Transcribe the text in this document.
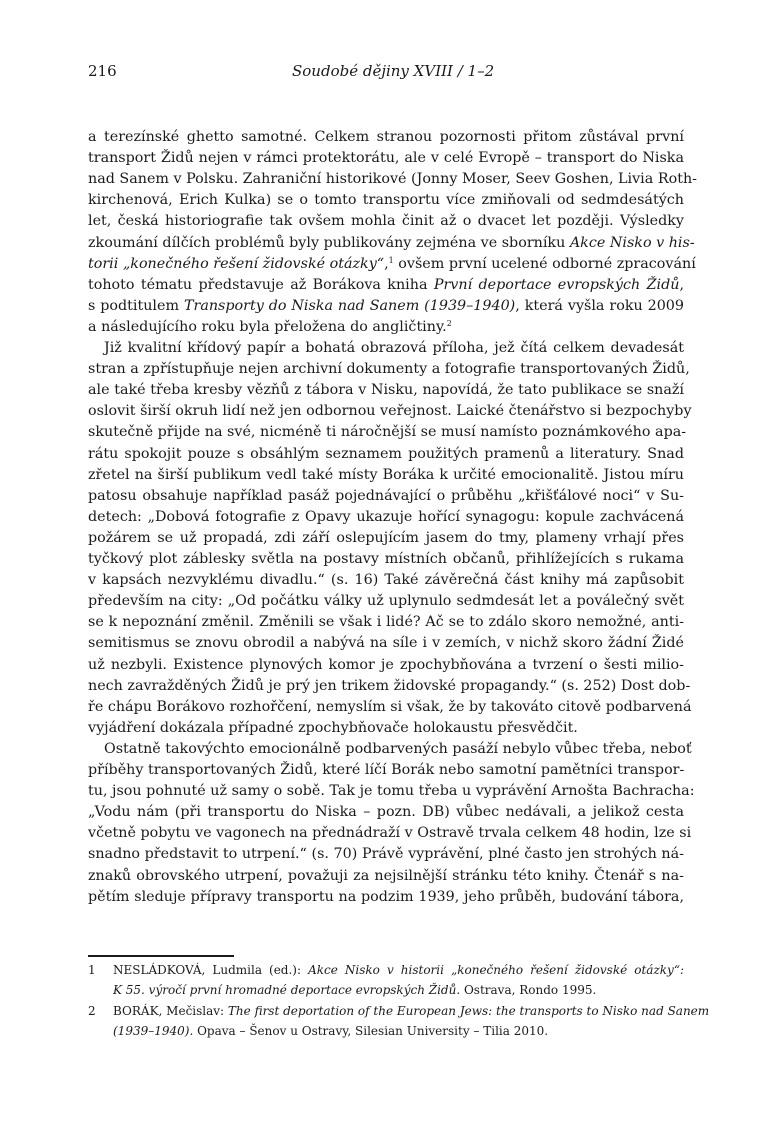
216	Soudobé dějiny XVIII / 1–2
a terezínské ghetto samotné. Celkem stranou pozornosti přitom zůstával první
transport Židů nejen v rámci protektorátu, ale v celé Evropě – transport do Niska
nad Sanem v Polsku. Zahraniční historikové (Jonny Moser, Seev Goshen, Livia Roth-
kirchenová, Erich Kulka) se o tomto transportu více zmiňovali od sedmdesátých
let, česká historiografie tak ovšem mohla činit až o dvacet let později. Výsledky
zkoumání dílčích problémů byly publikovány zejména ve sborníku Akce Nisko v his-
torii „konečného řešení židovské otázky“,$^1$ ovšem první ucelené odborné zpracování
tohoto tématu představuje až Borákova kniha První deportace evropských Židů,
s podtitulem Transporty do Niska nad Sanem (1939–1940), která vyšla roku 2009
a následujícího roku byla přeložena do angličtiny.$^2$
Již kvalitní křídový papír a bohatá obrazová příloha, jež čítá celkem devadesát
stran a zpřístupňuje nejen archivní dokumenty a fotografie transportovaných Židů,
ale také třeba kresby vězňů z tábora v Nisku, napovídá, že tato publikace se snaží
oslovit širší okruh lidí než jen odbornou veřejnost. Laické čtenářstvo si bezpochyby
skutečně přijde na své, nicméně ti náročnější se musí namísto poznámkového apa-
rátu spokojit pouze s obsáhlým seznamem použitých pramenů a literatury. Snad
zřetel na širší publikum vedl také místy Boráka k určité emocionalitě. Jistou míru
patosu obsahuje například pasáž pojednávající o průběhu „křišťálové noci“ v Su-
detech: „Dobová fotografie z Opavy ukazuje hořící synagogu: kopule zachvácená
požárem se už propadá, zdi září oslepujícím jasem do tmy, plameny vrhají přes
tyčkový plot záblesky světla na postavy místních občanů, přihlížejících s rukama
v kapsách nezvyklému divadlu.“ (s. 16) Také závěrečná část knihy má zapůsobit
především na city: „Od počátku války už uplynulo sedmdesát let a poválečný svět
se k nepoznání změnil. Změnili se však i lidé? Ač se to zdálo skoro nemožné, anti-
semitismus se znovu obrodil a nabývá na síle i v zemích, v nichž skoro žádní Židé
už nezbyli. Existence plynových komor je zpochybňována a tvrzení o šesti milio-
nech zavražděných Židů je prý jen trikem židovské propagandy.“ (s. 252) Dost dob-
ře chápu Borákovo rozhořčení, nemyslím si však, že by takováto citově podbarvená
vyjádření dokázala případné zpochybňovače holokaustu přesvědčit.
Ostatně takovýchto emocionálně podbarvených pasáží nebylo vůbec třeba, neboť
příběhy transportovaných Židů, které líčí Borák nebo samotní pamětníci transpor-
tu, jsou pohnuté už samy o sobě. Tak je tomu třeba u vyprávění Arnošta Bachracha:
„Vodu nám (při transportu do Niska – pozn. DB) vůbec nedávali, a jelikož cesta
včetně pobytu ve vagonech na přednádraží v Ostravě trvala celkem 48 hodin, lze si
snadno představit to utrpení.“ (s. 70) Právě vyprávění, plné často jen strohých ná-
znaků obrovského utrpení, považuji za nejsilnější stránku této knihy. Čtenář s na-
pětím sleduje přípravy transportu na podzim 1939, jeho průběh, budování tábora,
1 NESLÁDKOVÁ, Ludmila (ed.): Akce Nisko v historii „konečného řešení židovské otázky“:
K 55. výročí první hromadné deportace evropských Židů. Ostrava, Rondo 1995.
2 BORÁK, Mečislav: The first deportation of the European Jews: the transports to Nisko nad Sanem
(1939–1940). Opava – Šenov u Ostravy, Silesian University – Tilia 2010.
